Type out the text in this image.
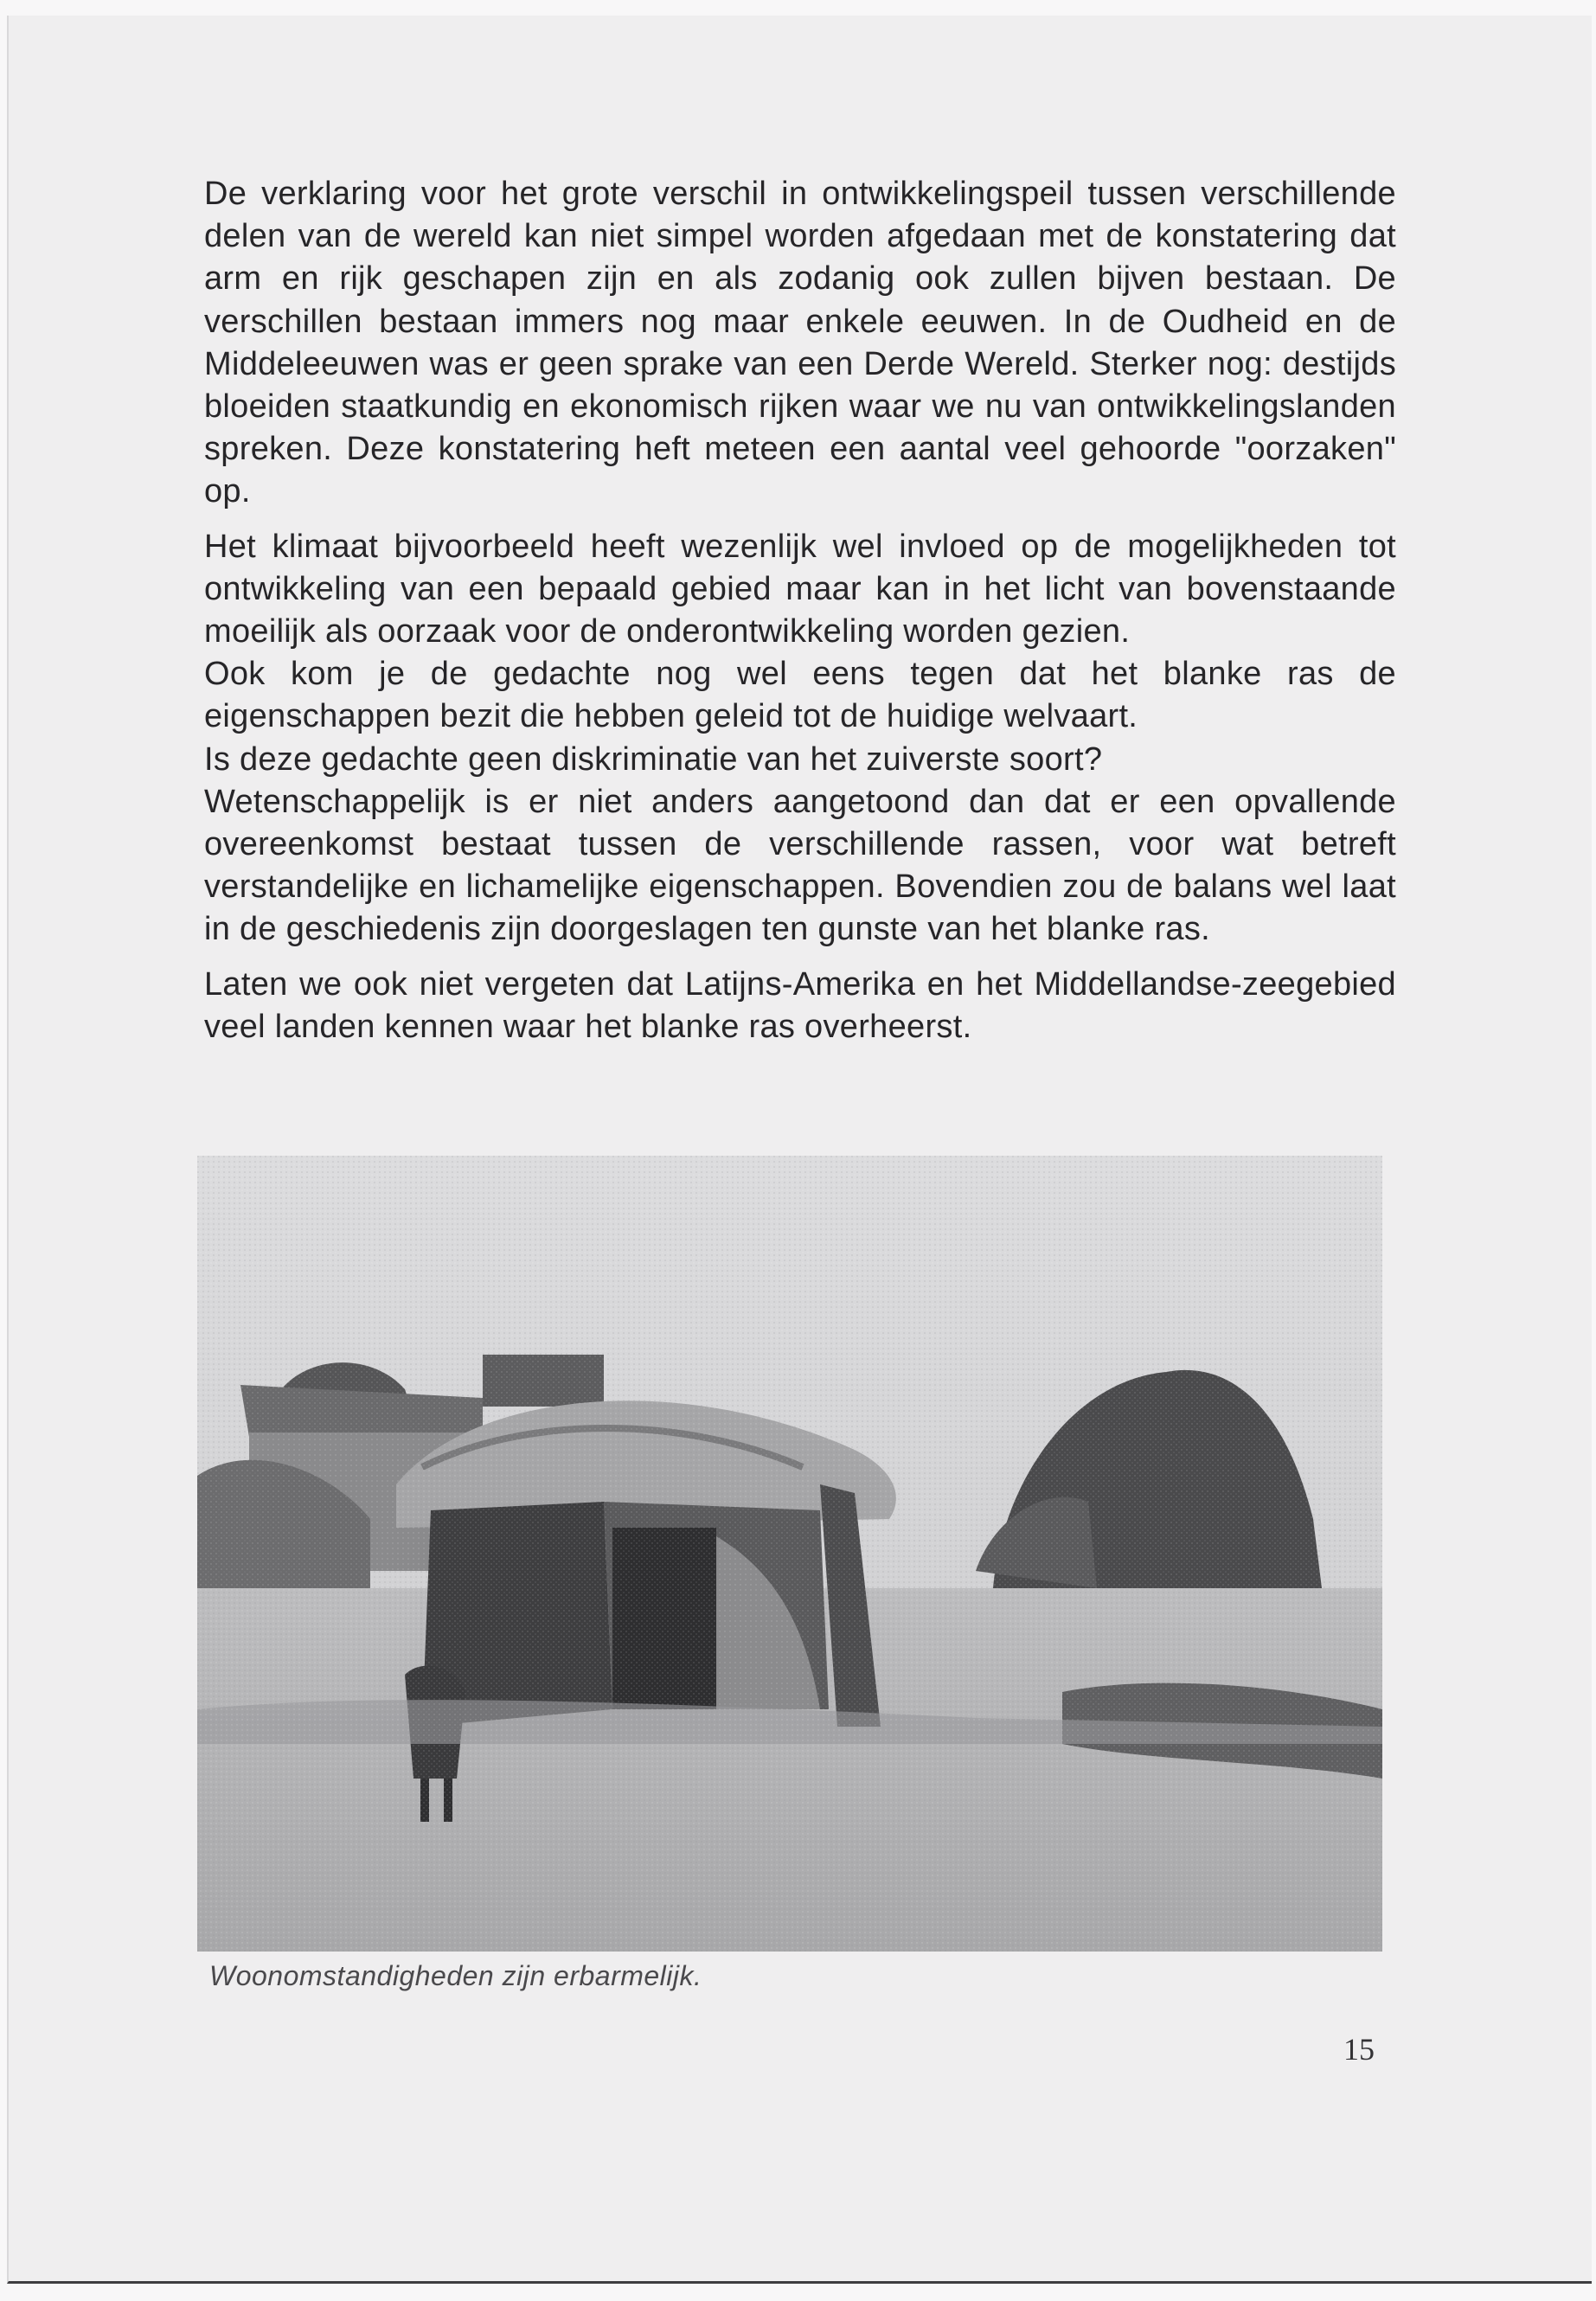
De verklaring voor het grote verschil in ontwikkelingspeil tussen verschillende delen van de wereld kan niet simpel worden afgedaan met de konstatering dat arm en rijk geschapen zijn en als zodanig ook zullen bijven bestaan. De verschillen bestaan immers nog maar enkele eeuwen. In de Oudheid en de Middeleeuwen was er geen sprake van een Derde Wereld. Sterker nog: destijds bloeiden staatkundig en ekonomisch rijken waar we nu van ontwikkelingslanden spreken. Deze konstatering heft meteen een aantal veel gehoorde "oorzaken" op.

Het klimaat bijvoorbeeld heeft wezenlijk wel invloed op de mogelijkheden tot ontwikkeling van een bepaald gebied maar kan in het licht van bovenstaande moeilijk als oorzaak voor de onderontwikkeling worden gezien.

Ook kom je de gedachte nog wel eens tegen dat het blanke ras de eigenschappen bezit die hebben geleid tot de huidige welvaart.

Is deze gedachte geen diskriminatie van het zuiverste soort?

Wetenschappelijk is er niet anders aangetoond dan dat er een opvallende overeenkomst bestaat tussen de verschillende rassen, voor wat betreft verstandelijke en lichamelijke eigenschappen. Bovendien zou de balans wel laat in de geschiedenis zijn doorgeslagen ten gunste van het blanke ras.

Laten we ook niet vergeten dat Latijns-Amerika en het Middellandse-zeegebied veel landen kennen waar het blanke ras overheerst.

Woonomstandigheden zijn erbarmelijk.
15
